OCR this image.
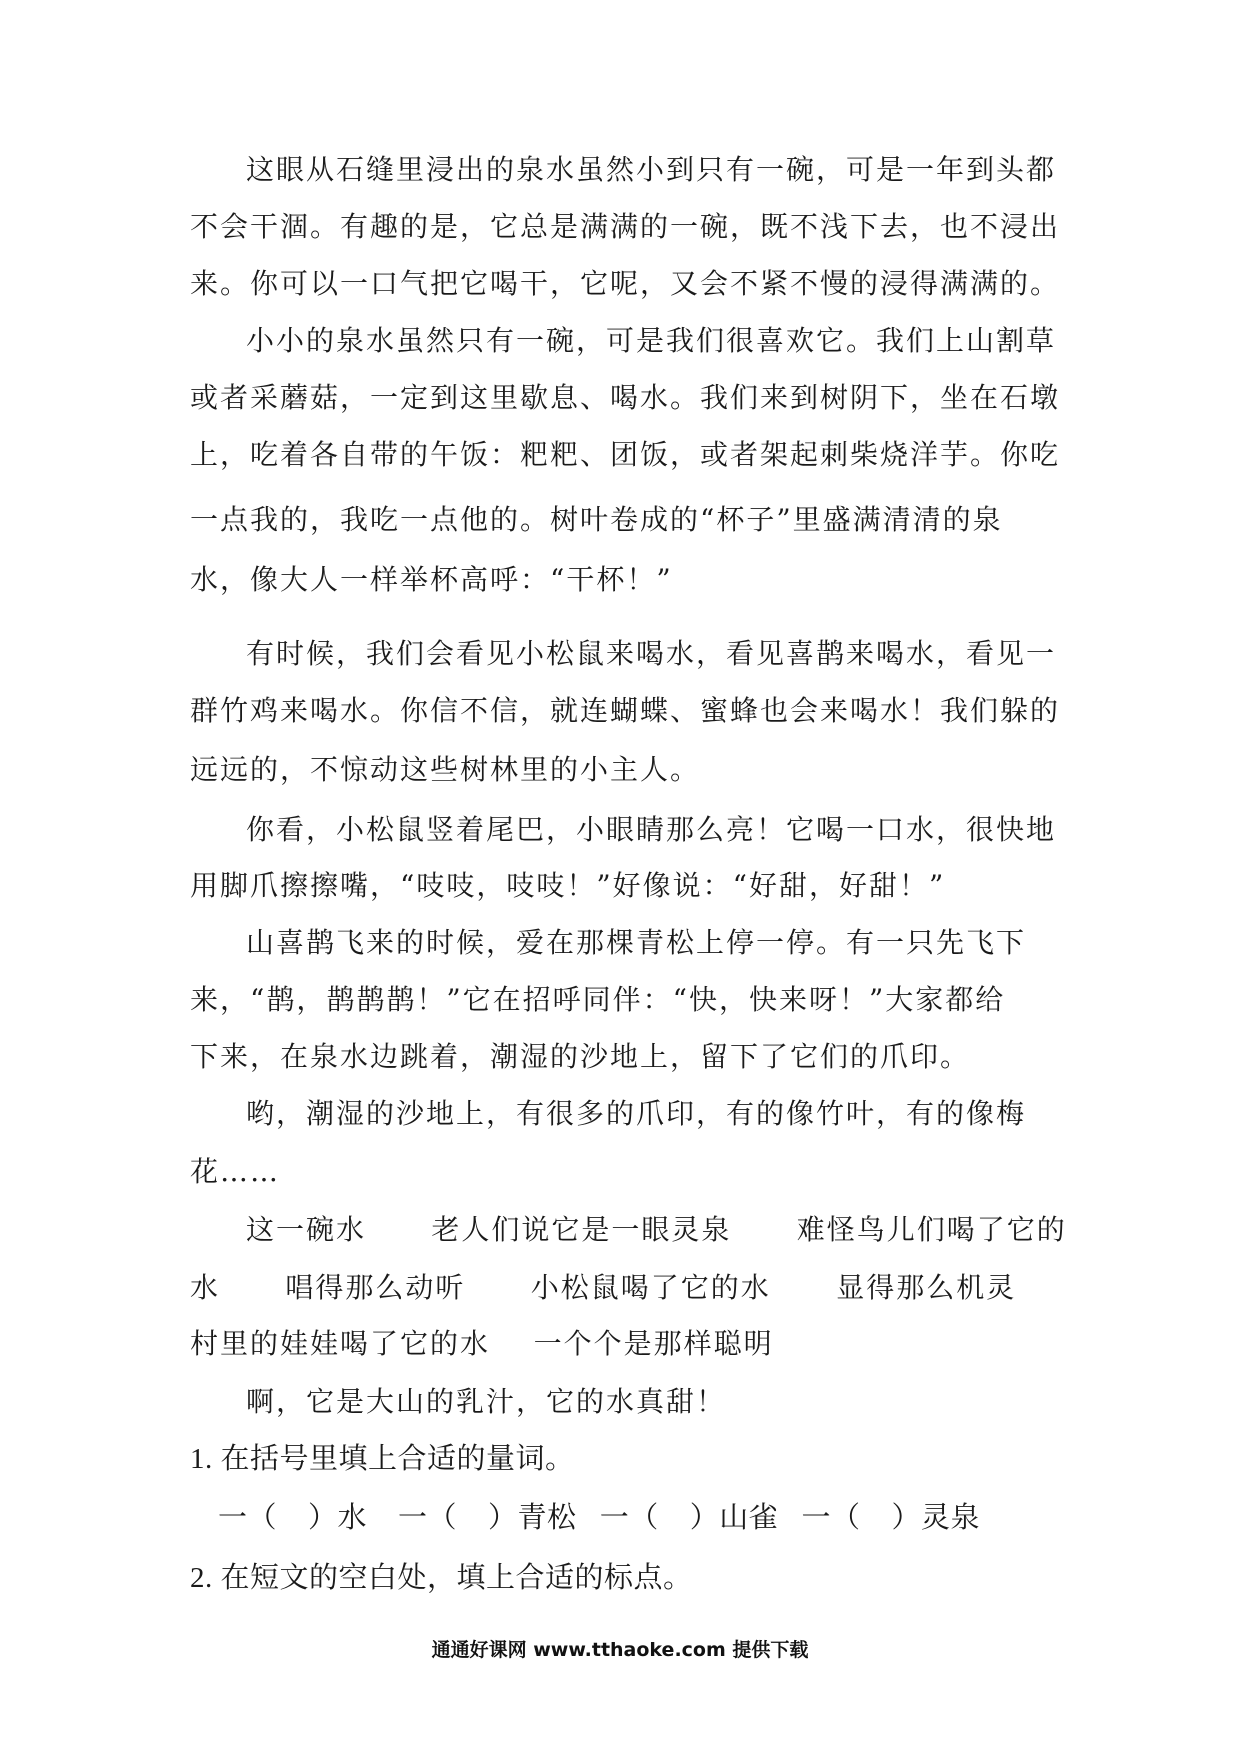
这眼从石缝里浸出的泉水虽然小到只有一碗，可是一年到头都

不会干涸。有趣的是，它总是满满的一碗，既不浅下去，也不浸出

来。你可以一口气把它喝干，它呢，又会不紧不慢的浸得满满的。

小小的泉水虽然只有一碗，可是我们很喜欢它。我们上山割草

或者采蘑菇，一定到这里歇息、喝水。我们来到树阴下，坐在石墩

上，吃着各自带的午饭：粑粑、团饭，或者架起刺柴烧洋芋。你吃

一点我的，我吃一点他的。树叶卷成的“杯子”里盛满清清的泉

水，像大人一样举杯高呼：“干杯！”

有时候，我们会看见小松鼠来喝水，看见喜鹊来喝水，看见一

群竹鸡来喝水。你信不信，就连蝴蝶、蜜蜂也会来喝水！我们躲的

远远的，不惊动这些树林里的小主人。

你看，小松鼠竖着尾巴，小眼睛那么亮！它喝一口水，很快地

用脚爪擦擦嘴，“吱吱，吱吱！”好像说：“好甜，好甜！”

山喜鹊飞来的时候，爱在那棵青松上停一停。有一只先飞下

来，“鹊，鹊鹊鹊！”它在招呼同伴：“快，快来呀！”大家都给

下来，在泉水边跳着，潮湿的沙地上，留下了它们的爪印。

哟，潮湿的沙地上，有很多的爪印，有的像竹叶，有的像梅

花……

这一碗水      老人们说它是一眼灵泉      难怪鸟儿们喝了它的

水      唱得那么动听      小松鼠喝了它的水      显得那么机灵

村里的娃娃喝了它的水    一个个是那样聪明

啊，它是大山的乳汁，它的水真甜！

1. 在括号里填上合适的量词。

一（    ）水    一（    ）青松   一（    ）山雀   一（    ）灵泉

2. 在短文的空白处，填上合适的标点。

通通好课网 www.tthaoke.com 提供下载
